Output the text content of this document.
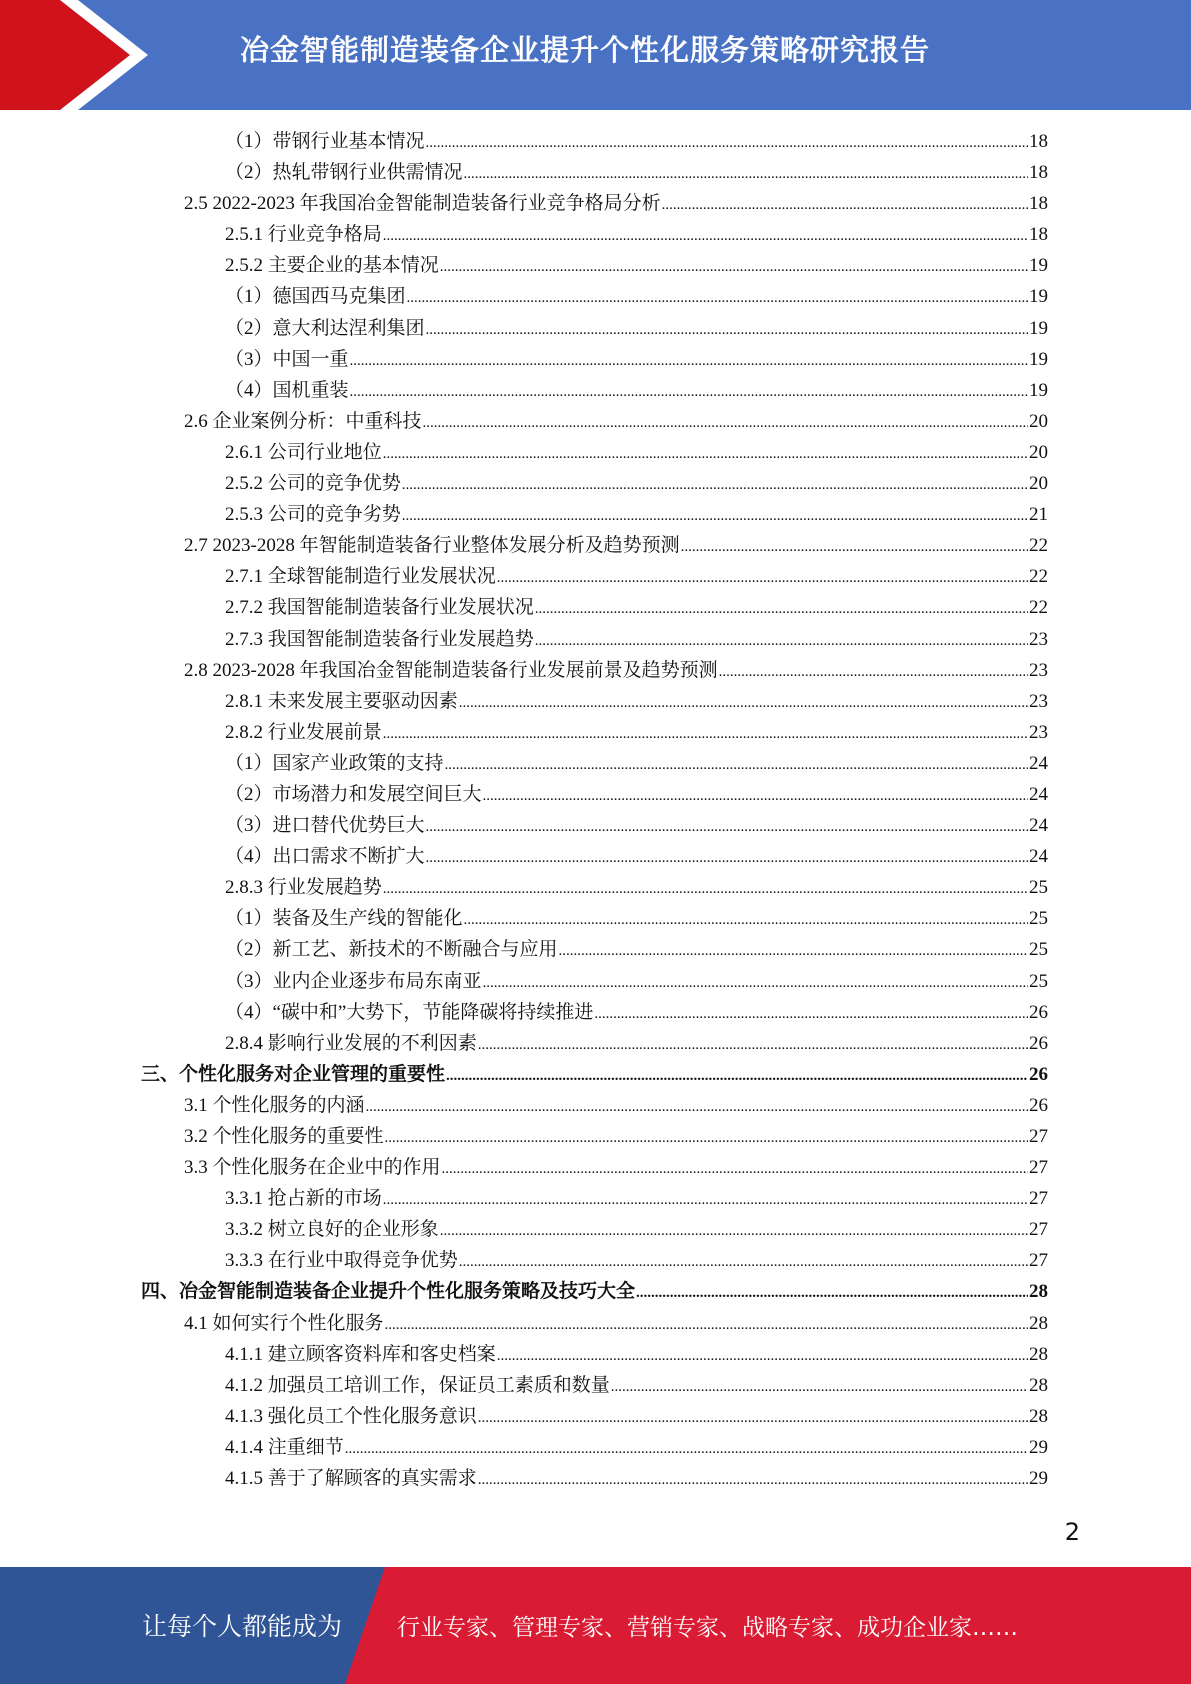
冶金智能制造装备企业提升个性化服务策略研究报告
（1）带钢行业基本情况 .....	18
（2）热轧带钢行业供需情况 .....	18
2.5 2022-2023 年我国冶金智能制造装备行业竞争格局分析 .....	18
2.5.1 行业竞争格局 .....	18
2.5.2 主要企业的基本情况 .....	19
（1）德国西马克集团 .....	19
（2）意大利达涅利集团 .....	19
（3）中国一重 .....	19
（4）国机重装 .....	19
2.6 企业案例分析：中重科技 .....	20
2.6.1 公司行业地位 .....	20
2.5.2 公司的竞争优势 .....	20
2.5.3 公司的竞争劣势 .....	21
2.7 2023-2028 年智能制造装备行业整体发展分析及趋势预测 .....	22
2.7.1 全球智能制造行业发展状况 .....	22
2.7.2 我国智能制造装备行业发展状况 .....	22
2.7.3 我国智能制造装备行业发展趋势 .....	23
2.8 2023-2028 年我国冶金智能制造装备行业发展前景及趋势预测 .....	23
2.8.1 未来发展主要驱动因素 .....	23
2.8.2 行业发展前景 .....	23
（1）国家产业政策的支持 .....	24
（2）市场潜力和发展空间巨大 .....	24
（3）进口替代优势巨大 .....	24
（4）出口需求不断扩大 .....	24
2.8.3 行业发展趋势 .....	25
（1）装备及生产线的智能化 .....	25
（2）新工艺、新技术的不断融合与应用 .....	25
（3）业内企业逐步布局东南亚 .....	25
（4）“碳中和”大势下，节能降碳将持续推进 .....	26
2.8.4 影响行业发展的不利因素 .....	26
三、个性化服务对企业管理的重要性 .....	26
3.1 个性化服务的内涵 .....	26
3.2 个性化服务的重要性 .....	27
3.3 个性化服务在企业中的作用 .....	27
3.3.1 抢占新的市场 .....	27
3.3.2 树立良好的企业形象 .....	27
3.3.3 在行业中取得竞争优势 .....	27
四、冶金智能制造装备企业提升个性化服务策略及技巧大全 .....	28
4.1 如何实行个性化服务 .....	28
4.1.1 建立顾客资料库和客史档案 .....	28
4.1.2 加强员工培训工作，保证员工素质和数量 .....	28
4.1.3 强化员工个性化服务意识 .....	28
4.1.4 注重细节 .....	29
4.1.5 善于了解顾客的真实需求 .....	29
2
让每个人都能成为 行业专家、管理专家、营销专家、战略专家、成功企业家……
